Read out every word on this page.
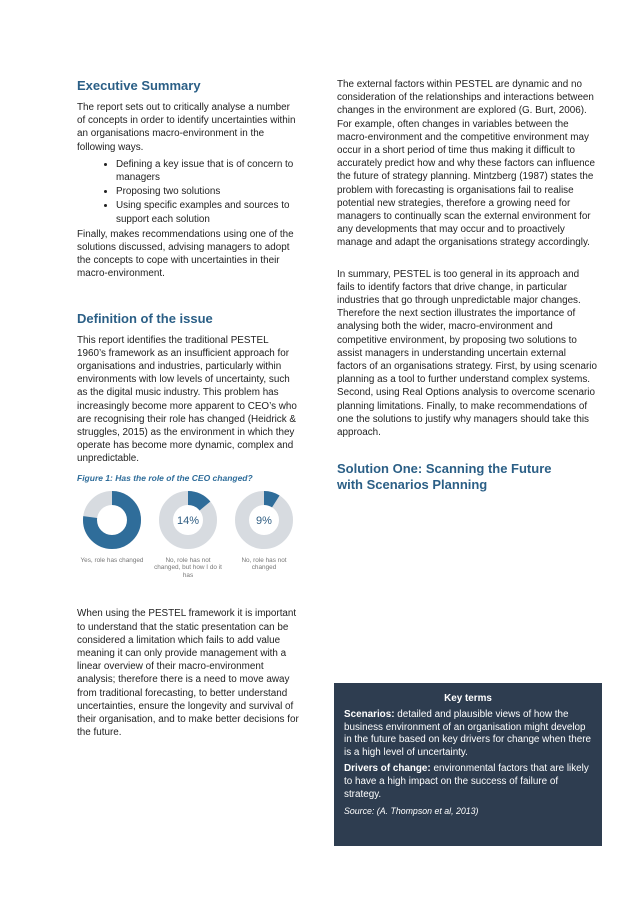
Executive Summary

The report sets out to critically analyse a number of concepts in order to identify uncertainties within an organisations macro-environment in the following ways.

• Defining a key issue that is of concern to managers
• Proposing two solutions
• Using specific examples and sources to support each solution

Finally, makes recommendations using one of the solutions discussed, advising managers to adopt the concepts to cope with uncertainties in their macro-environment.

Definition of the issue

This report identifies the traditional PESTEL 1960’s framework as an insufficient approach for organisations and industries, particularly within environments with low levels of uncertainty, such as the digital music industry. This problem has increasingly become more apparent to CEO’s who are recognising their role has changed (Heidrick & struggles, 2015) as the environment in which they operate has become more dynamic, complex and unpredictable.

Figure 1: Has the role of the CEO changed?
>75%
Yes, role has changed
14%
No, role has not changed, but how I do it has
9%
No, role has not changed

When using the PESTEL framework it is important to understand that the static presentation can be considered a limitation which fails to add value meaning it can only provide management with a linear overview of their macro-environment analysis; therefore there is a need to move away from traditional forecasting, to better understand uncertainties, ensure the longevity and survival of their organisation, and to make better decisions for the future.

The external factors within PESTEL are dynamic and no consideration of the relationships and interactions between changes in the environment are explored (G. Burt, 2006). For example, often changes in variables between the macro-environment and the competitive environment may occur in a short period of time thus making it difficult to accurately predict how and why these factors can influence the future of strategy planning. Mintzberg (1987) states the problem with forecasting is organisations fail to realise potential new strategies, therefore a growing need for managers to continually scan the external environment for any developments that may occur and to proactively manage and adapt the organisations strategy accordingly.

In summary, PESTEL is too general in its approach and fails to identify factors that drive change, in particular industries that go through unpredictable major changes. Therefore the next section illustrates the importance of analysing both the wider, macro-environment and competitive environment, by proposing two solutions to assist managers in understanding uncertain external factors of an organisations strategy. First, by using scenario planning as a tool to further understand complex systems. Second, using Real Options analysis to overcome scenario planning limitations. Finally, to make recommendations of one the solutions to justify why managers should take this approach.

Solution One: Scanning the Future with Scenarios Planning
Key terms

Scenarios: detailed and plausible views of how the business environment of an organisation might develop in the future based on key drivers for change when there is a high level of uncertainty.

Drivers of change: environmental factors that are likely to have a high impact on the success of failure of strategy.

Source: (A. Thompson et al, 2013)
